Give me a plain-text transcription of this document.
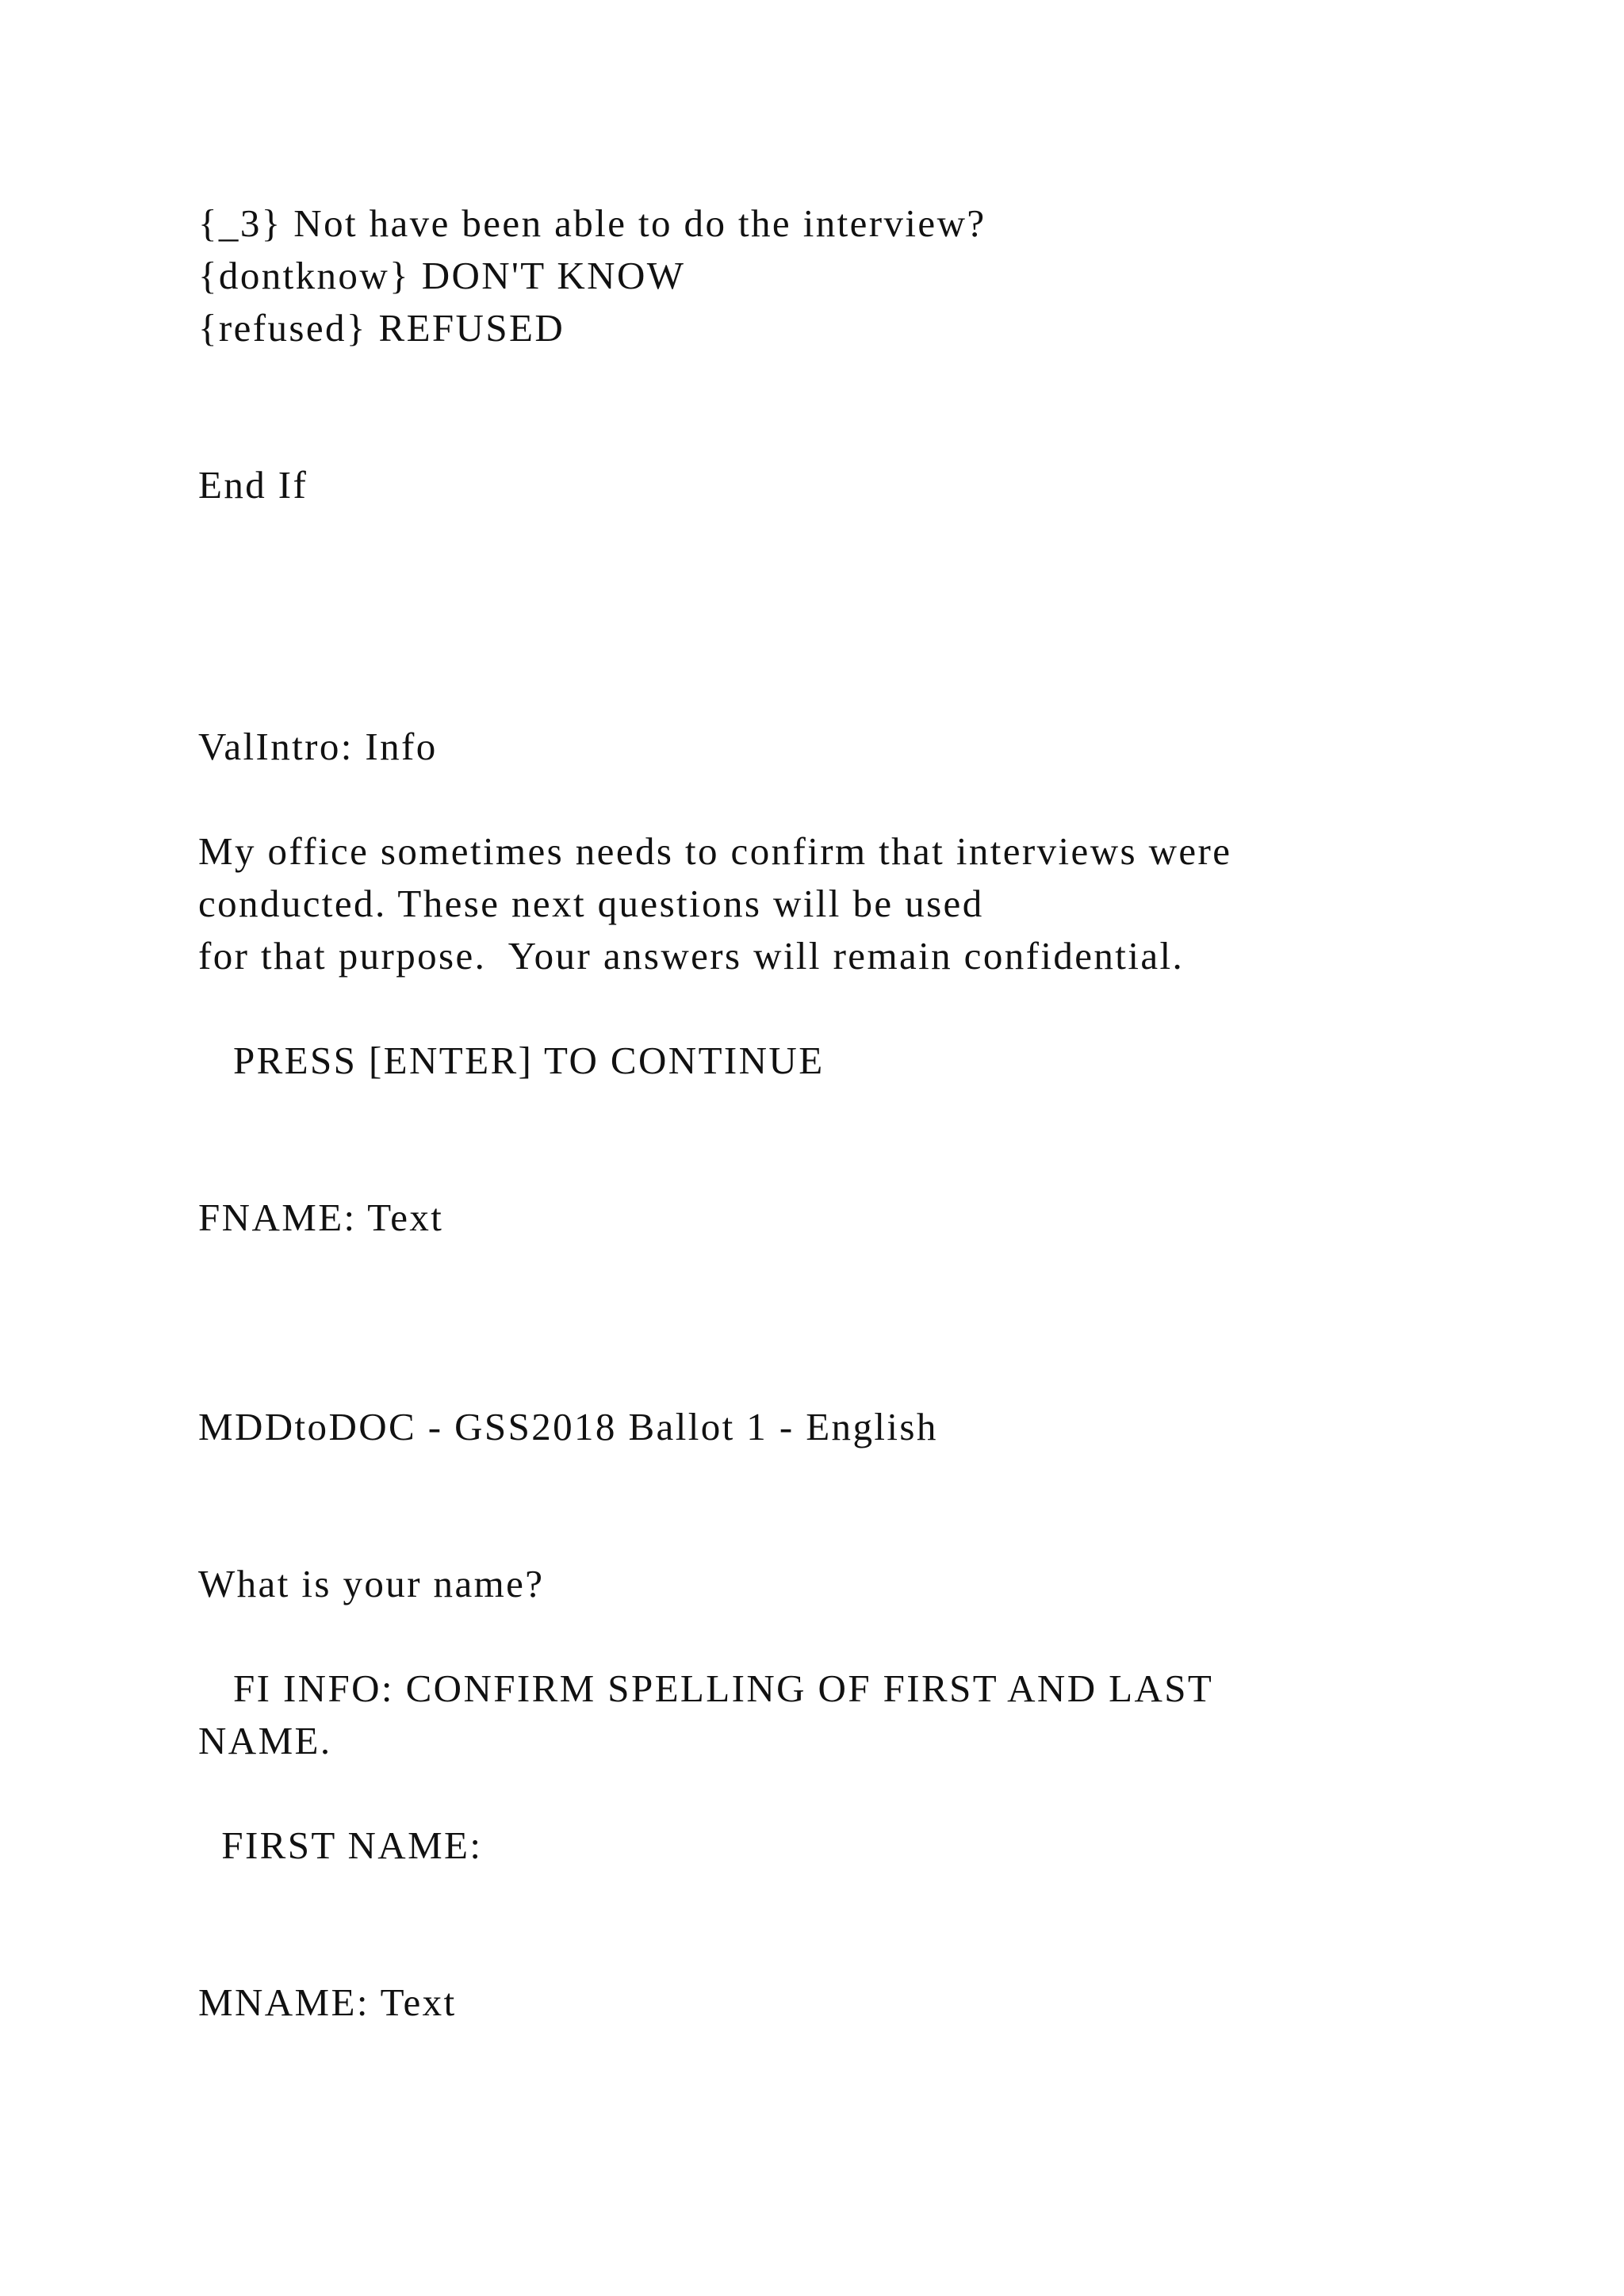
{_3} Not have been able to do the interview?

{dontknow} DON'T KNOW

{refused} REFUSED

End If

ValIntro: Info

My office sometimes needs to confirm that interviews were

conducted. These next questions will be used

for that purpose.  Your answers will remain confidential.

PRESS [ENTER] TO CONTINUE

FNAME: Text

MDDtoDOC - GSS2018 Ballot 1 - English

What is your name?

FI INFO: CONFIRM SPELLING OF FIRST AND LAST

NAME.

FIRST NAME:

MNAME: Text
